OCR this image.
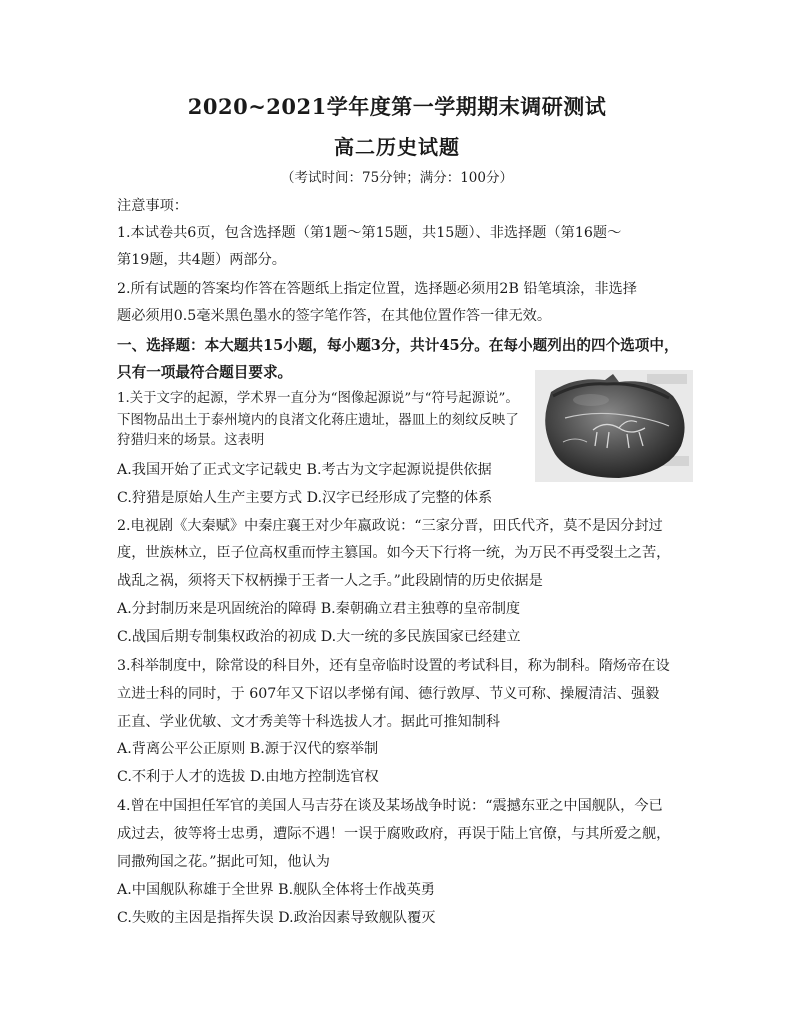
2020~2021学年度第一学期期末调研测试
高二历史试题
（考试时间：75分钟；满分：100分）
注意事项：
1.本试卷共6页，包含选择题（第1题～第15题，共15题）、非选择题（第16题～
第19题，共4题）两部分。
2.所有试题的答案均作答在答题纸上指定位置，选择题必须用2B 铅笔填涂，非选择
题必须用0.5毫米黑色墨水的签字笔作答，在其他位置作答一律无效。
一、选择题：本大题共15小题，每小题3分，共计45分。在每小题列出的四个选项中，
只有一项最符合题目要求。
1.关于文字的起源，学术界一直分为“图像起源说”与“符号起源说”。
下图物品出土于泰州境内的良渚文化蒋庄遗址，器皿上的刻纹反映了
狩猎归来的场景。这表明
A.我国开始了正式文字记载史 B.考古为文字起源说提供依据
C.狩猎是原始人生产主要方式 D.汉字已经形成了完整的体系
2.电视剧《大秦赋》中秦庄襄王对少年嬴政说：“三家分晋，田氏代齐，莫不是因分封过
度，世族林立，臣子位高权重而悖主篡国。如今天下行将一统，为万民不再受裂土之苦，
战乱之祸，须将天下权柄操于王者一人之手。”此段剧情的历史依据是
A.分封制历来是巩固统治的障碍 B.秦朝确立君主独尊的皇帝制度
C.战国后期专制集权政治的初成 D.大一统的多民族国家已经建立
3.科举制度中，除常设的科目外，还有皇帝临时设置的考试科目，称为制科。隋炀帝在设
立进士科的同时，于 607年又下诏以孝悌有闻、德行敦厚、节义可称、操履清洁、强毅
正直、学业优敏、文才秀美等十科选拔人才。据此可推知制科
A.背离公平公正原则 B.源于汉代的察举制
C.不利于人才的选拔 D.由地方控制选官权
4.曾在中国担任军官的美国人马吉芬在谈及某场战争时说：“震撼东亚之中国舰队，今已
成过去，彼等将士忠勇，遭际不遇！一误于腐败政府，再误于陆上官僚，与其所爱之舰，
同撒殉国之花。”据此可知，他认为
A.中国舰队称雄于全世界 B.舰队全体将士作战英勇
C.失败的主因是指挥失误 D.政治因素导致舰队覆灭
